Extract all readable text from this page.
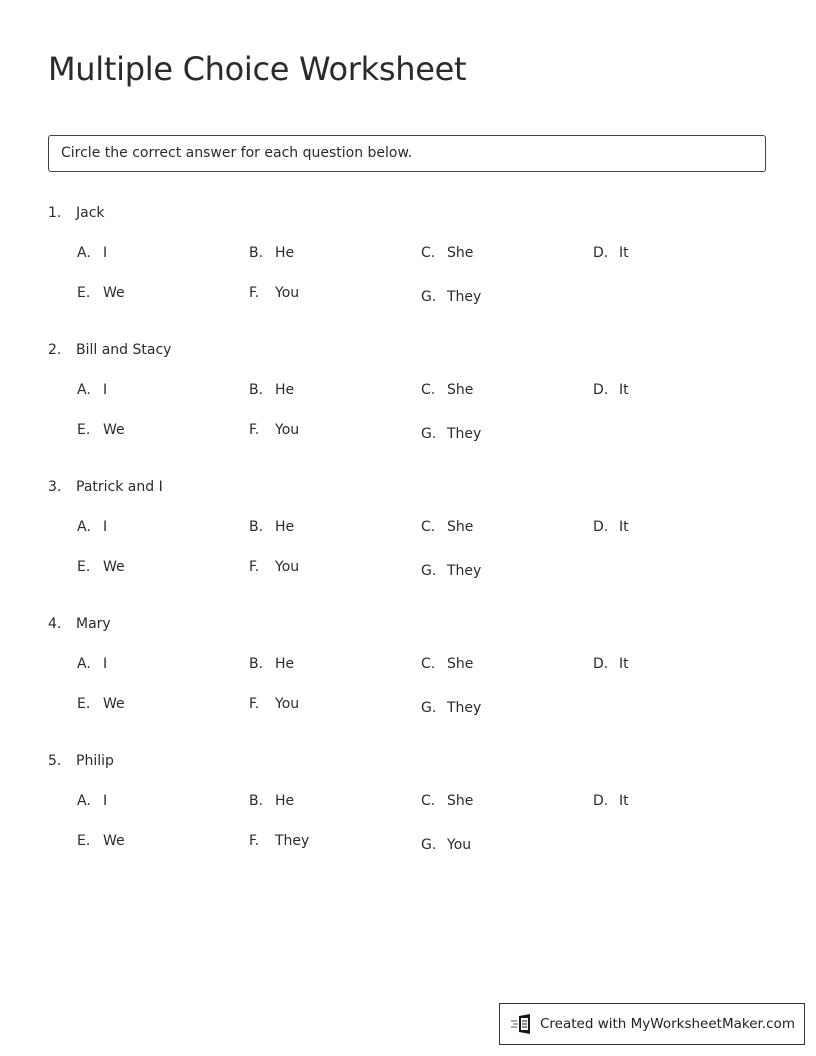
Multiple Choice Worksheet
Circle the correct answer for each question below.
1. Jack
A. I	B. He	C. She	D. It
E. We	F. You	G. They
2. Bill and Stacy
A. I	B. He	C. She	D. It
E. We	F. You	G. They
3. Patrick and I
A. I	B. He	C. She	D. It
E. We	F. You	G. They
4. Mary
A. I	B. He	C. She	D. It
E. We	F. You	G. They
5. Philip
A. I	B. He	C. She	D. It
E. We	F. They	G. You
Created with MyWorksheetMaker.com
